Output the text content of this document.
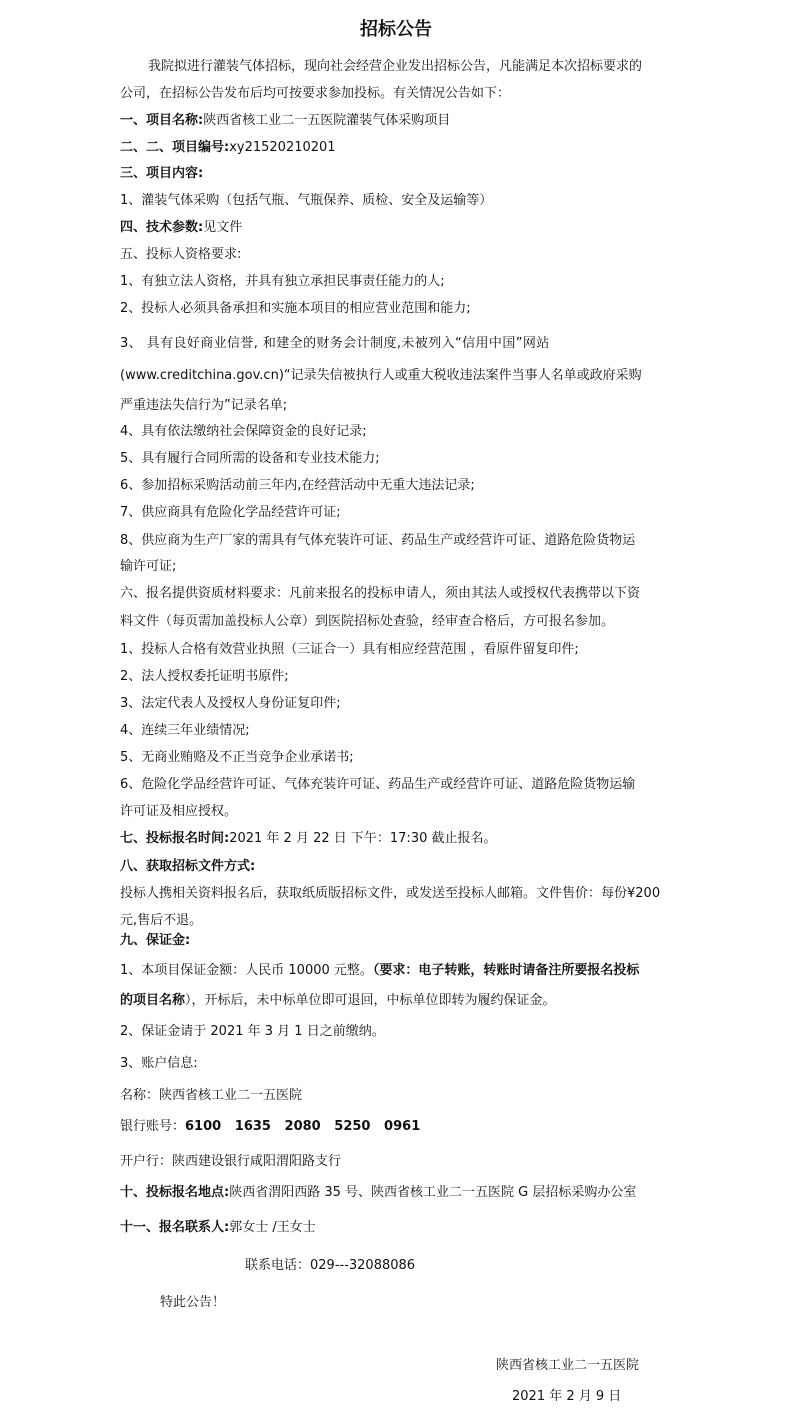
招标公告
我院拟进行灌装气体招标，现向社会经营企业发出招标公告，凡能满足本次招标要求的
公司，在招标公告发布后均可按要求参加投标。有关情况公告如下：
一、项目名称:陕西省核工业二一五医院灌装气体采购项目
二、二、项目编号:xy21520210201
三、项目内容:
1、灌装气体采购（包括气瓶、气瓶保养、质检、安全及运输等）
四、技术参数:见文件
五、投标人资格要求:
1、有独立法人资格，并具有独立承担民事责任能力的人;
2、投标人必须具备承担和实施本项目的相应营业范围和能力;
3、 具有良好商业信誉, 和建全的财务会计制度,未被列入“信用中国”网站
(www.creditchina.gov.cn)“记录失信被执行人或重大税收违法案件当事人名单或政府采购
严重违法失信行为”记录名单;
4、具有依法缴纳社会保障资金的良好记录;
5、具有履行合同所需的设备和专业技术能力;
6、参加招标采购活动前三年内,在经营活动中无重大违法记录;
7、供应商具有危险化学品经营许可证;
8、供应商为生产厂家的需具有气体充装许可证、药品生产或经营许可证、道路危险货物运
输许可证;
六、报名提供资质材料要求：凡前来报名的投标申请人，须由其法人或授权代表携带以下资
料文件（每页需加盖投标人公章）到医院招标处查验，经审查合格后，方可报名参加。
1、投标人合格有效营业执照（三证合一）具有相应经营范围 ，看原件留复印件;
2、法人授权委托证明书原件;
3、法定代表人及授权人身份证复印件;
4、连续三年业绩情况;
5、无商业贿赂及不正当竞争企业承诺书;
6、危险化学品经营许可证、气体充装许可证、药品生产或经营许可证、道路危险货物运输
许可证及相应授权。
七、投标报名时间:2021 年 2 月 22 日 下午：17:30 截止报名。
八、获取招标文件方式:
投标人携相关资料报名后，获取纸质版招标文件，或发送至投标人邮箱。文件售价：每份¥200
元,售后不退。
九、保证金:
1、本项目保证金额：人民币 10000 元整。（要求：电子转账，转账时请备注所要报名投标
的项目名称），开标后，未中标单位即可退回，中标单位即转为履约保证金。
2、保证金请于 2021 年 3 月 1 日之前缴纳。
3、账户信息:
名称：陕西省核工业二一五医院
银行账号：6100   1635   2080   5250   0961
开户行：陕西建设银行咸阳渭阳路支行
十、投标报名地点:陕西省渭阳西路 35 号、陕西省核工业二一五医院 G 层招标采购办公室
十一、报名联系人:郭女士 /王女士
联系电话：029---32088086
特此公告！
陕西省核工业二一五医院
2021 年 2 月 9 日
